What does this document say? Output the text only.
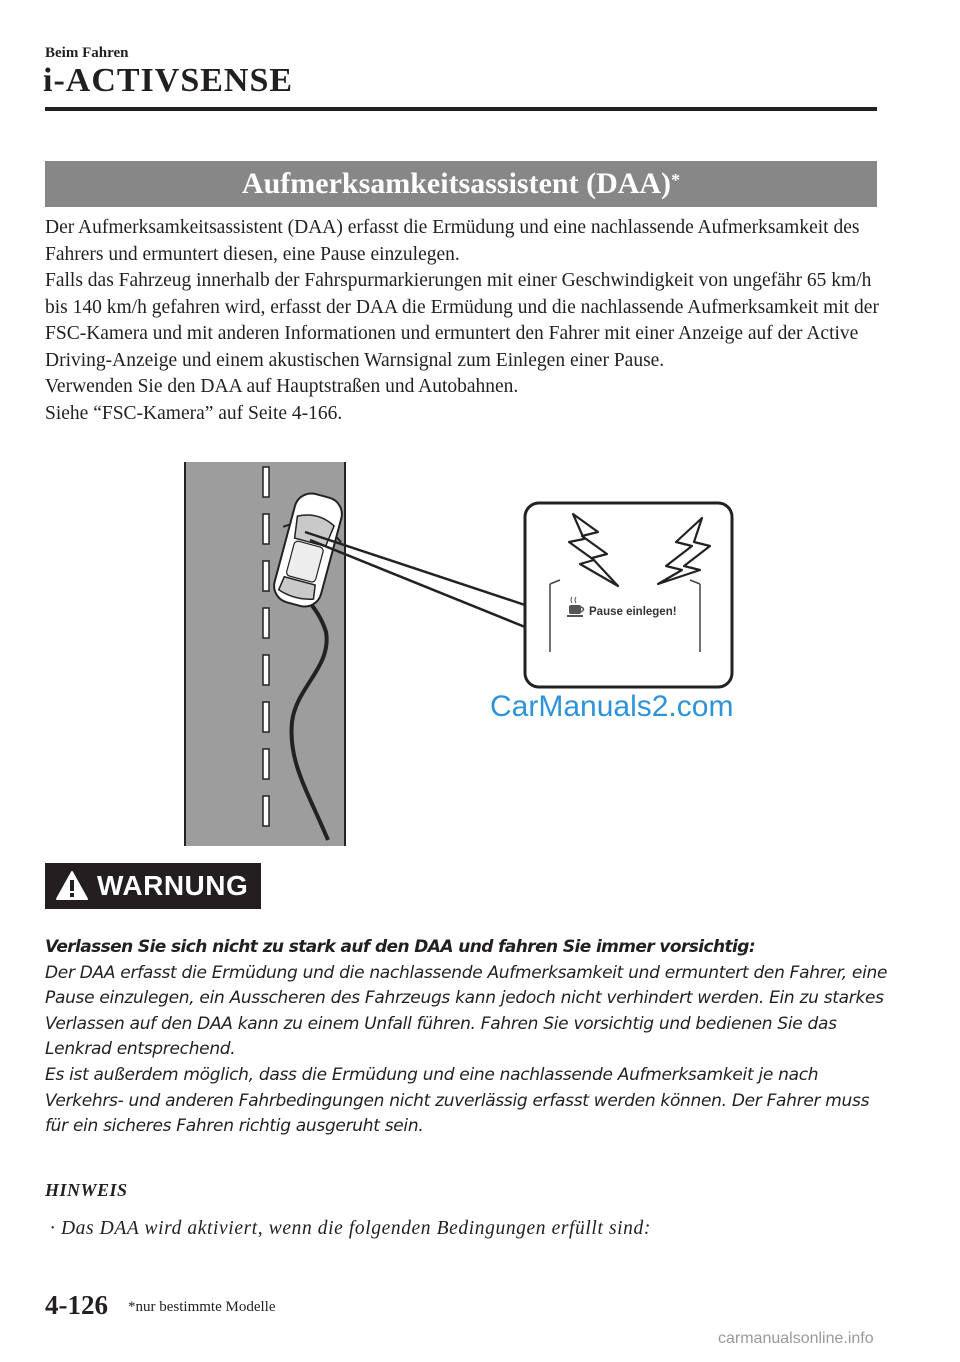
Beim Fahren
i-ACTIVSENSE
Aufmerksamkeitsassistent (DAA)*

Der Aufmerksamkeitsassistent (DAA) erfasst die Ermüdung und eine nachlassende Aufmerksamkeit des Fahrers und ermuntert diesen, eine Pause einzulegen.

Falls das Fahrzeug innerhalb der Fahrspurmarkierungen mit einer Geschwindigkeit von ungefähr 65 km/h bis 140 km/h gefahren wird, erfasst der DAA die Ermüdung und die nachlassende Aufmerksamkeit mit der FSC-Kamera und mit anderen Informationen und ermuntert den Fahrer mit einer Anzeige auf der Active Driving-Anzeige und einem akustischen Warnsignal zum Einlegen einer Pause.

Verwenden Sie den DAA auf Hauptstraßen und Autobahnen.

Siehe “FSC-Kamera” auf Seite 4-166.

Pause einlegen!
CarManuals2.com
WARNUNG

Verlassen Sie sich nicht zu stark auf den DAA und fahren Sie immer vorsichtig:

Der DAA erfasst die Ermüdung und die nachlassende Aufmerksamkeit und ermuntert den Fahrer, eine Pause einzulegen, ein Ausscheren des Fahrzeugs kann jedoch nicht verhindert werden. Ein zu starkes Verlassen auf den DAA kann zu einem Unfall führen. Fahren Sie vorsichtig und bedienen Sie das Lenkrad entsprechend.

Es ist außerdem möglich, dass die Ermüdung und eine nachlassende Aufmerksamkeit je nach Verkehrs- und anderen Fahrbedingungen nicht zuverlässig erfasst werden können. Der Fahrer muss für ein sicheres Fahren richtig ausgeruht sein.

HINWEIS
· Das DAA wird aktiviert, wenn die folgenden Bedingungen erfüllt sind:
4-126 *nur bestimmte Modelle
carmanualsonline.info
